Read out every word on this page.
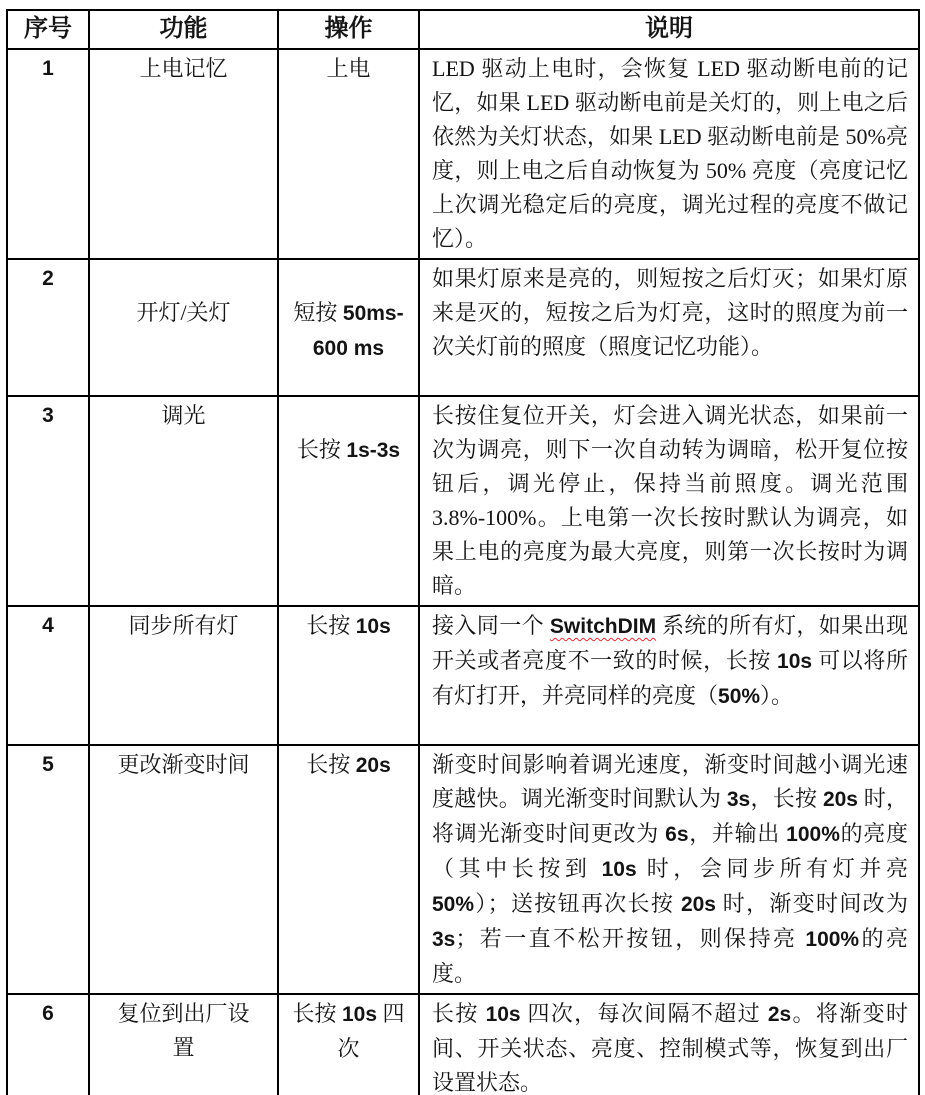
序号	功能	操作	说明
1	上电记忆	上电	LED 驱动上电时，会恢复 LED 驱动断电前的记忆，如果 LED 驱动断电前是关灯的，则上电之后依然为关灯状态，如果 LED 驱动断电前是 50%亮度，则上电之后自动恢复为 50% 亮度（亮度记忆上次调光稳定后的亮度，调光过程的亮度不做记忆）。
2	开灯/关灯	短按 50ms-600 ms	如果灯原来是亮的，则短按之后灯灭；如果灯原来是灭的，短按之后为灯亮，这时的照度为前一次关灯前的照度（照度记忆功能）。
3	调光	长按 1s-3s	长按住复位开关，灯会进入调光状态，如果前一次为调亮，则下一次自动转为调暗，松开复位按钮后，调光停止，保持当前照度。调光范围 3.8%-100%。上电第一次长按时默认为调亮，如果上电的亮度为最大亮度，则第一次长按时为调暗。
4	同步所有灯	长按 10s	接入同一个 SwitchDIM 系统的所有灯，如果出现开关或者亮度不一致的时候，长按 10s 可以将所有灯打开，并亮同样的亮度（50%）。
5	更改渐变时间	长按 20s	渐变时间影响着调光速度，渐变时间越小调光速度越快。调光渐变时间默认为 3s，长按 20s 时，将调光渐变时间更改为 6s，并输出 100%的亮度（其中长按到 10s 时，会同步所有灯并亮 50%）；送按钮再次长按 20s 时，渐变时间改为 3s；若一直不松开按钮，则保持亮 100%的亮度。
6	复位到出厂设置	长按 10s 四次	长按 10s 四次，每次间隔不超过 2s。将渐变时间、开关状态、亮度、控制模式等，恢复到出厂设置状态。
